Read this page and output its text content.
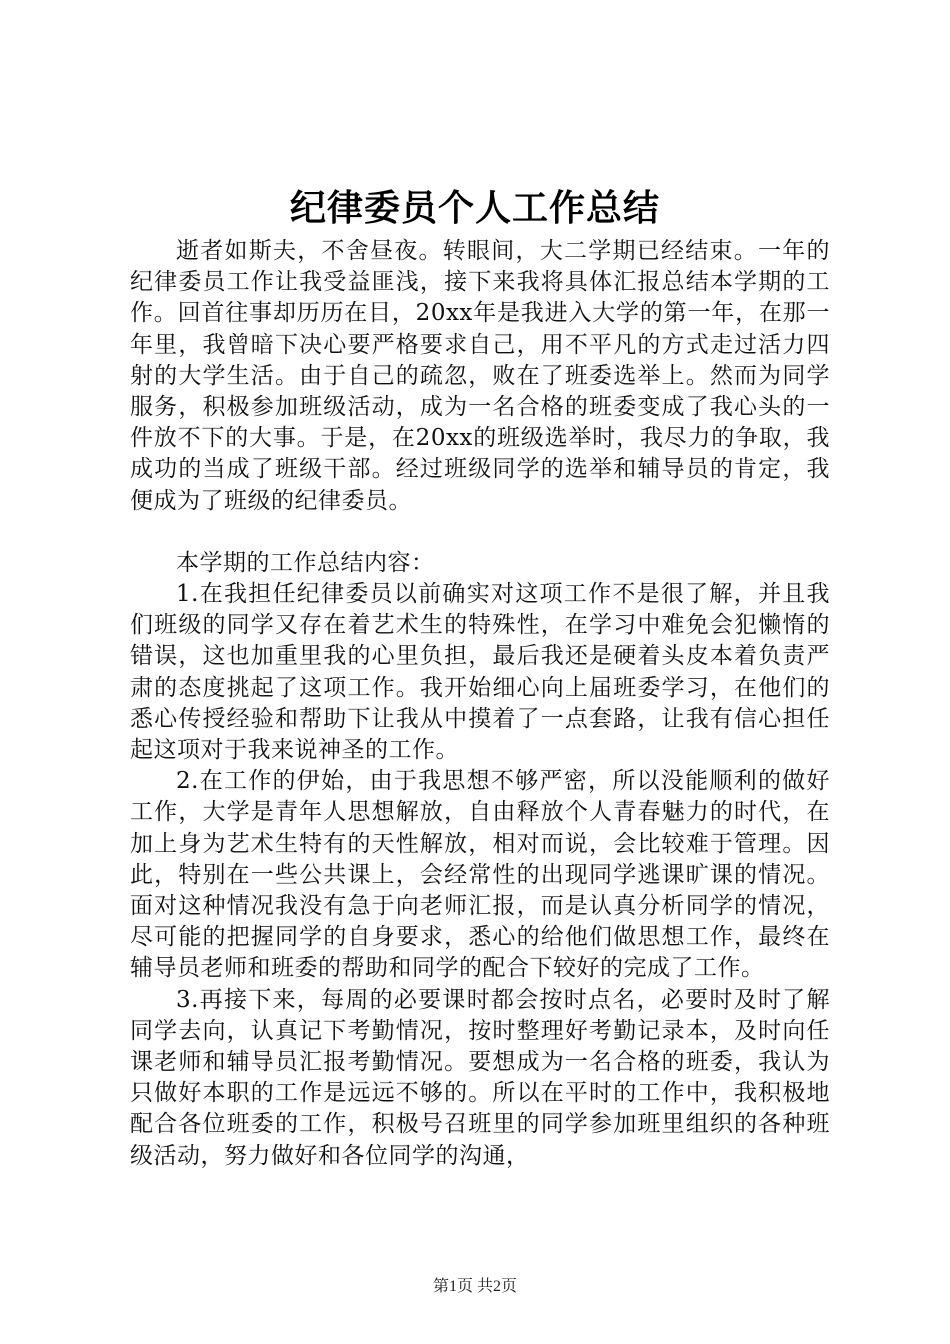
纪律委员个人工作总结

逝者如斯夫，不舍昼夜。转眼间，大二学期已经结束。一年的纪律委员工作让我受益匪浅，接下来我将具体汇报总结本学期的工作。回首往事却历历在目，20xx年是我进入大学的第一年，在那一年里，我曾暗下决心要严格要求自己，用不平凡的方式走过活力四射的大学生活。由于自己的疏忽，败在了班委选举上。然而为同学服务，积极参加班级活动，成为一名合格的班委变成了我心头的一件放不下的大事。于是，在20xx的班级选举时，我尽力的争取，我成功的当成了班级干部。经过班级同学的选举和辅导员的肯定，我便成为了班级的纪律委员。

本学期的工作总结内容：

1.在我担任纪律委员以前确实对这项工作不是很了解，并且我们班级的同学又存在着艺术生的特殊性，在学习中难免会犯懒惰的错误，这也加重里我的心里负担，最后我还是硬着头皮本着负责严肃的态度挑起了这项工作。我开始细心向上届班委学习，在他们的悉心传授经验和帮助下让我从中摸着了一点套路，让我有信心担任起这项对于我来说神圣的工作。

2.在工作的伊始，由于我思想不够严密，所以没能顺利的做好工作，大学是青年人思想解放，自由释放个人青春魅力的时代，在加上身为艺术生特有的天性解放，相对而说，会比较难于管理。因此，特别在一些公共课上，会经常性的出现同学逃课旷课的情况。面对这种情况我没有急于向老师汇报，而是认真分析同学的情况，尽可能的把握同学的自身要求，悉心的给他们做思想工作，最终在辅导员老师和班委的帮助和同学的配合下较好的完成了工作。

3.再接下来，每周的必要课时都会按时点名，必要时及时了解同学去向，认真记下考勤情况，按时整理好考勤记录本，及时向任课老师和辅导员汇报考勤情况。要想成为一名合格的班委，我认为只做好本职的工作是远远不够的。所以在平时的工作中，我积极地配合各位班委的工作，积极号召班里的同学参加班里组织的各种班级活动，努力做好和各位同学的沟通，

第1页 共2页
